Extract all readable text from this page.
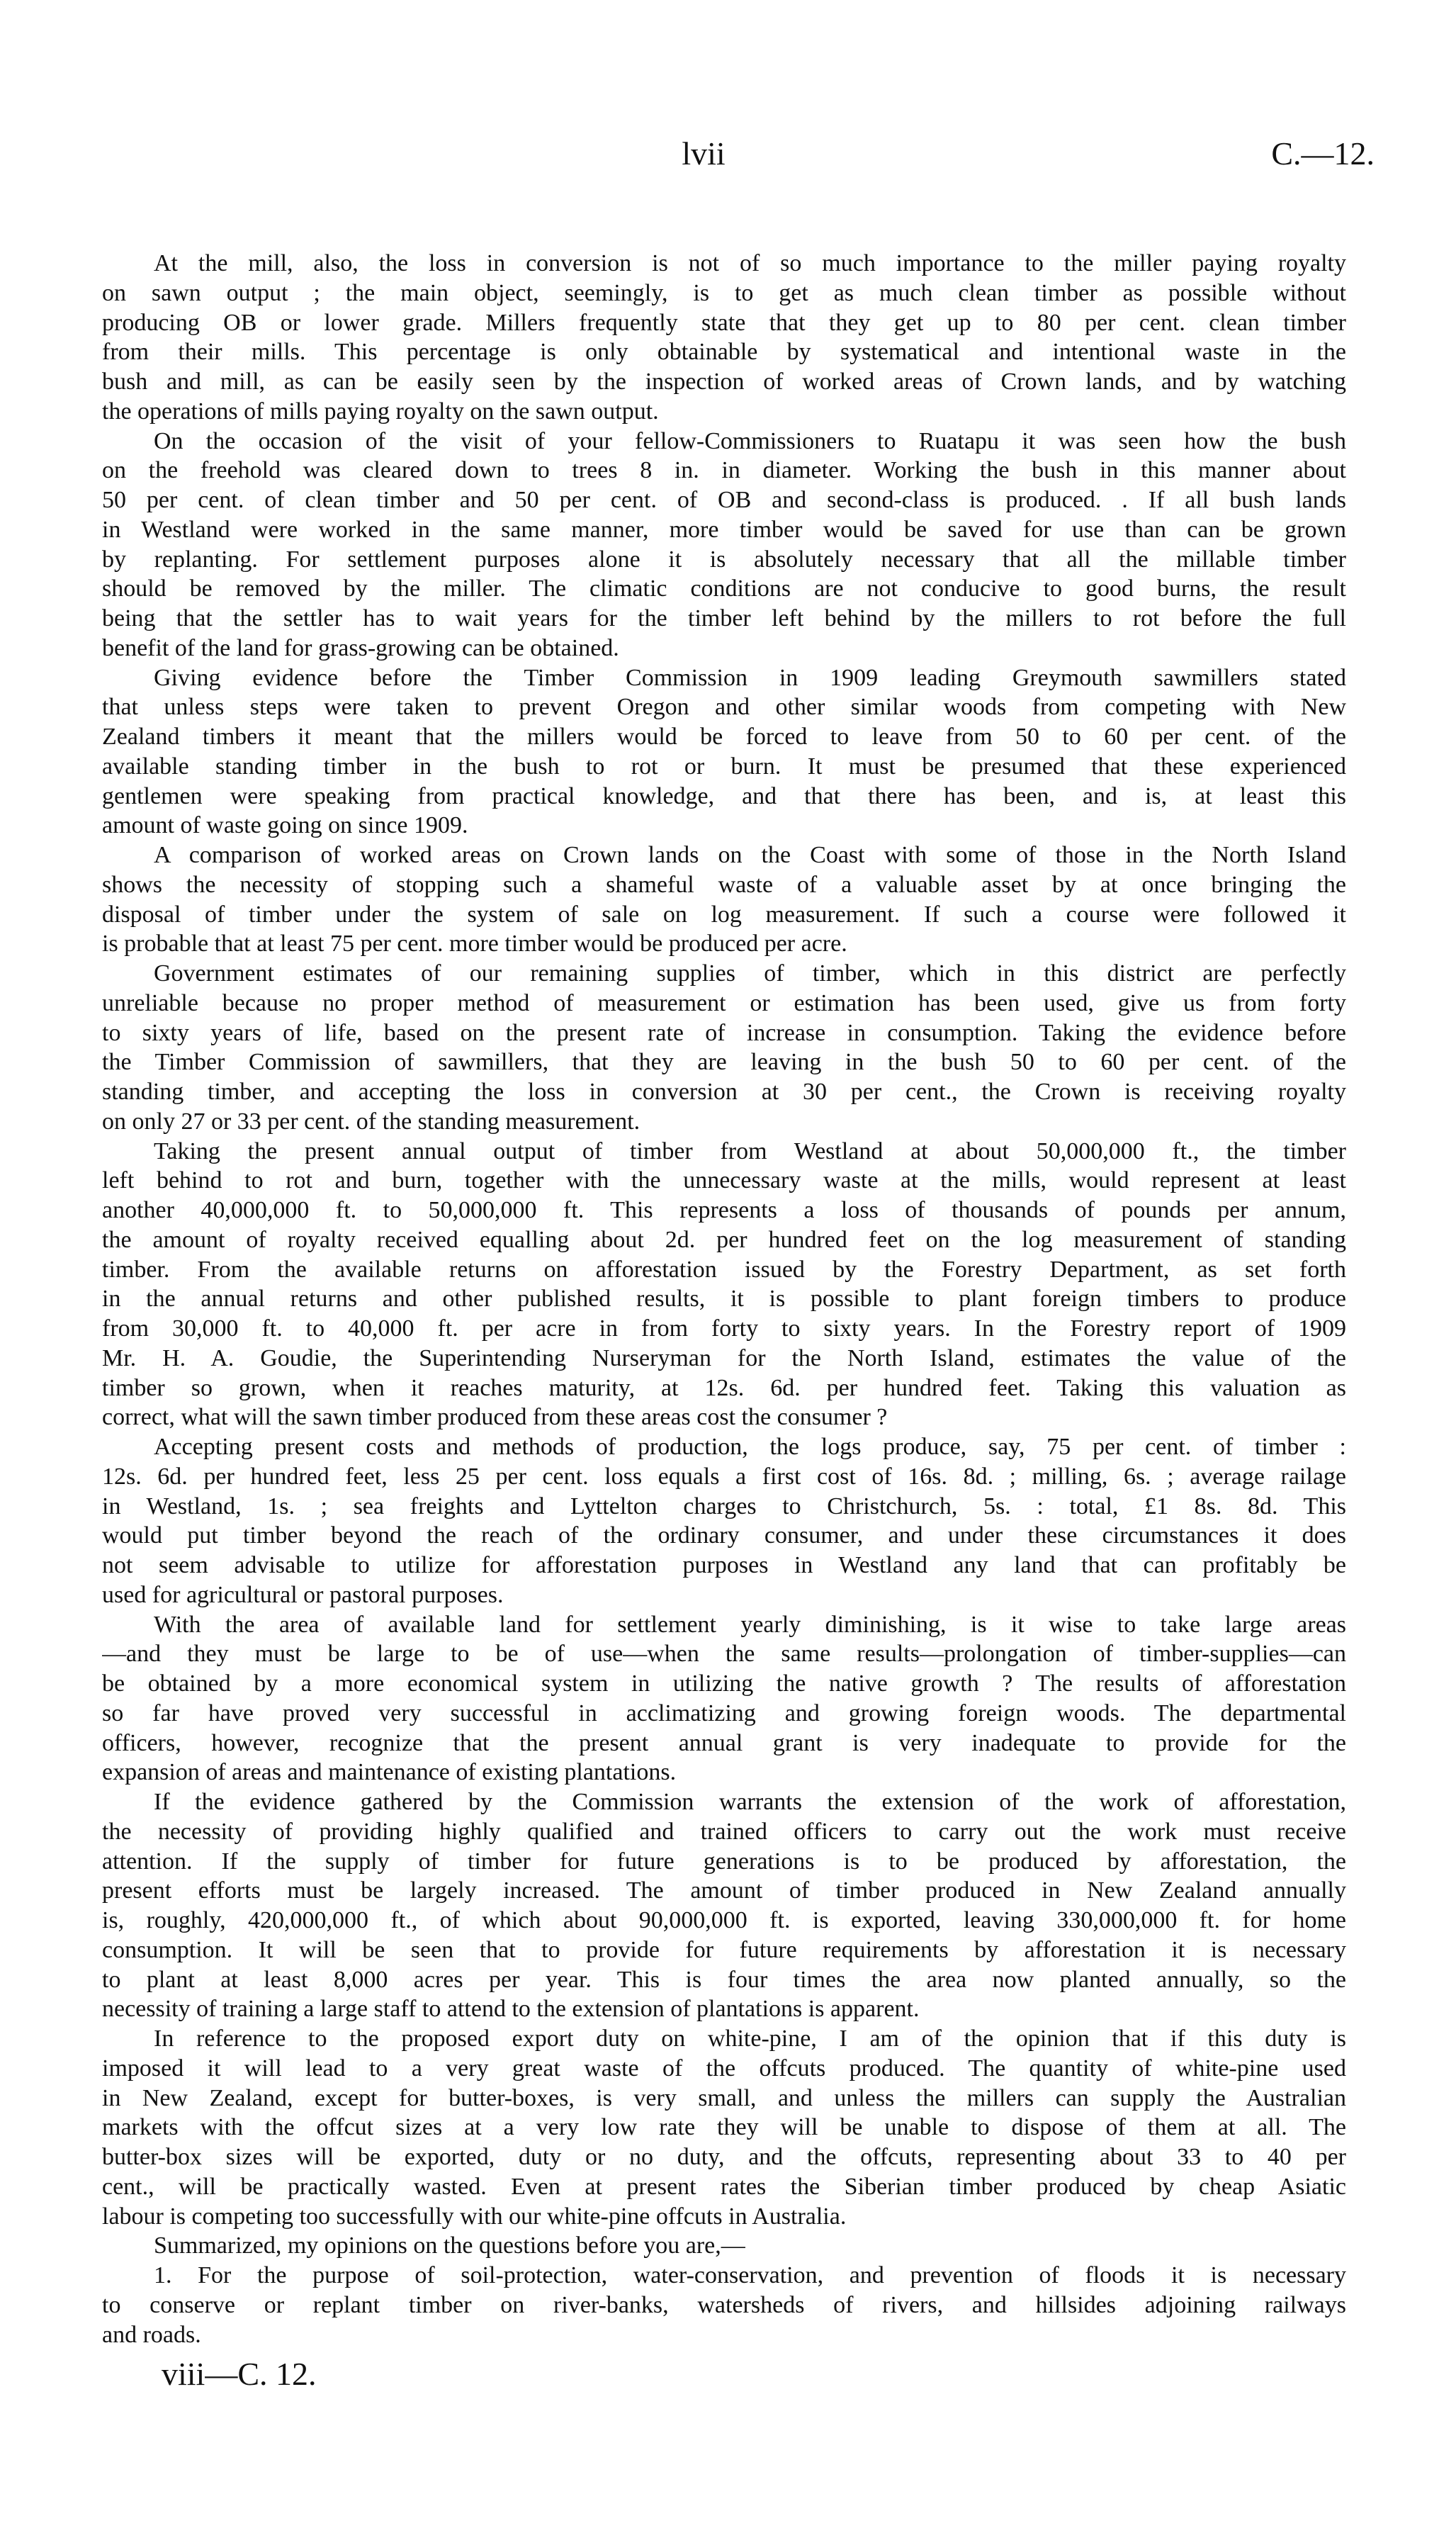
lvii	C.—12.
At the mill, also, the loss in conversion is not of so much importance to the miller paying royalty
on sawn output ; the main object, seemingly, is to get as much clean timber as possible without
producing OB or lower grade. Millers frequently state that they get up to 80 per cent. clean timber
from their mills. This percentage is only obtainable by systematical and intentional waste in the
bush and mill, as can be easily seen by the inspection of worked areas of Crown lands, and by watching
the operations of mills paying royalty on the sawn output.
On the occasion of the visit of your fellow-Commissioners to Ruatapu it was seen how the bush
on the freehold was cleared down to trees 8 in. in diameter. Working the bush in this manner about
50 per cent. of clean timber and 50 per cent. of OB and second-class is produced. . If all bush lands
in Westland were worked in the same manner, more timber would be saved for use than can be grown
by replanting. For settlement purposes alone it is absolutely necessary that all the millable timber
should be removed by the miller. The climatic conditions are not conducive to good burns, the result
being that the settler has to wait years for the timber left behind by the millers to rot before the full
benefit of the land for grass-growing can be obtained.
Giving evidence before the Timber Commission in 1909 leading Greymouth sawmillers stated
that unless steps were taken to prevent Oregon and other similar woods from competing with New
Zealand timbers it meant that the millers would be forced to leave from 50 to 60 per cent. of the
available standing timber in the bush to rot or burn. It must be presumed that these experienced
gentlemen were speaking from practical knowledge, and that there has been, and is, at least this
amount of waste going on since 1909.
A comparison of worked areas on Crown lands on the Coast with some of those in the North Island
shows the necessity of stopping such a shameful waste of a valuable asset by at once bringing the
disposal of timber under the system of sale on log measurement. If such a course were followed it
is probable that at least 75 per cent. more timber would be produced per acre.
Government estimates of our remaining supplies of timber, which in this district are perfectly
unreliable because no proper method of measurement or estimation has been used, give us from forty
to sixty years of life, based on the present rate of increase in consumption. Taking the evidence before
the Timber Commission of sawmillers, that they are leaving in the bush 50 to 60 per cent. of the
standing timber, and accepting the loss in conversion at 30 per cent., the Crown is receiving royalty
on only 27 or 33 per cent. of the standing measurement.
Taking the present annual output of timber from Westland at about 50,000,000 ft., the timber
left behind to rot and burn, together with the unnecessary waste at the mills, would represent at least
another 40,000,000 ft. to 50,000,000 ft. This represents a loss of thousands of pounds per annum,
the amount of royalty received equalling about 2d. per hundred feet on the log measurement of standing
timber. From the available returns on afforestation issued by the Forestry Department, as set forth
in the annual returns and other published results, it is possible to plant foreign timbers to produce
from 30,000 ft. to 40,000 ft. per acre in from forty to sixty years. In the Forestry report of 1909
Mr. H. A. Goudie, the Superintending Nurseryman for the North Island, estimates the value of the
timber so grown, when it reaches maturity, at 12s. 6d. per hundred feet. Taking this valuation as
correct, what will the sawn timber produced from these areas cost the consumer ?
Accepting present costs and methods of production, the logs produce, say, 75 per cent. of timber :
12s. 6d. per hundred feet, less 25 per cent. loss equals a first cost of 16s. 8d. ; milling, 6s. ; average railage
in Westland, 1s. ; sea freights and Lyttelton charges to Christchurch, 5s. : total, £1 8s. 8d. This
would put timber beyond the reach of the ordinary consumer, and under these circumstances it does
not seem advisable to utilize for afforestation purposes in Westland any land that can profitably be
used for agricultural or pastoral purposes.
With the area of available land for settlement yearly diminishing, is it wise to take large areas
—and they must be large to be of use—when the same results—prolongation of timber-supplies—can
be obtained by a more economical system in utilizing the native growth ? The results of afforestation
so far have proved very successful in acclimatizing and growing foreign woods. The departmental
officers, however, recognize that the present annual grant is very inadequate to provide for the
expansion of areas and maintenance of existing plantations.
If the evidence gathered by the Commission warrants the extension of the work of afforestation,
the necessity of providing highly qualified and trained officers to carry out the work must receive
attention. If the supply of timber for future generations is to be produced by afforestation, the
present efforts must be largely increased. The amount of timber produced in New Zealand annually
is, roughly, 420,000,000 ft., of which about 90,000,000 ft. is exported, leaving 330,000,000 ft. for home
consumption. It will be seen that to provide for future requirements by afforestation it is necessary
to plant at least 8,000 acres per year. This is four times the area now planted annually, so the
necessity of training a large staff to attend to the extension of plantations is apparent.
In reference to the proposed export duty on white-pine, I am of the opinion that if this duty is
imposed it will lead to a very great waste of the offcuts produced. The quantity of white-pine used
in New Zealand, except for butter-boxes, is very small, and unless the millers can supply the Australian
markets with the offcut sizes at a very low rate they will be unable to dispose of them at all. The
butter-box sizes will be exported, duty or no duty, and the offcuts, representing about 33 to 40 per
cent., will be practically wasted. Even at present rates the Siberian timber produced by cheap Asiatic
labour is competing too successfully with our white-pine offcuts in Australia.
Summarized, my opinions on the questions before you are,—
1. For the purpose of soil-protection, water-conservation, and prevention of floods it is necessary
to conserve or replant timber on river-banks, watersheds of rivers, and hillsides adjoining railways
and roads.
viii—C. 12.
